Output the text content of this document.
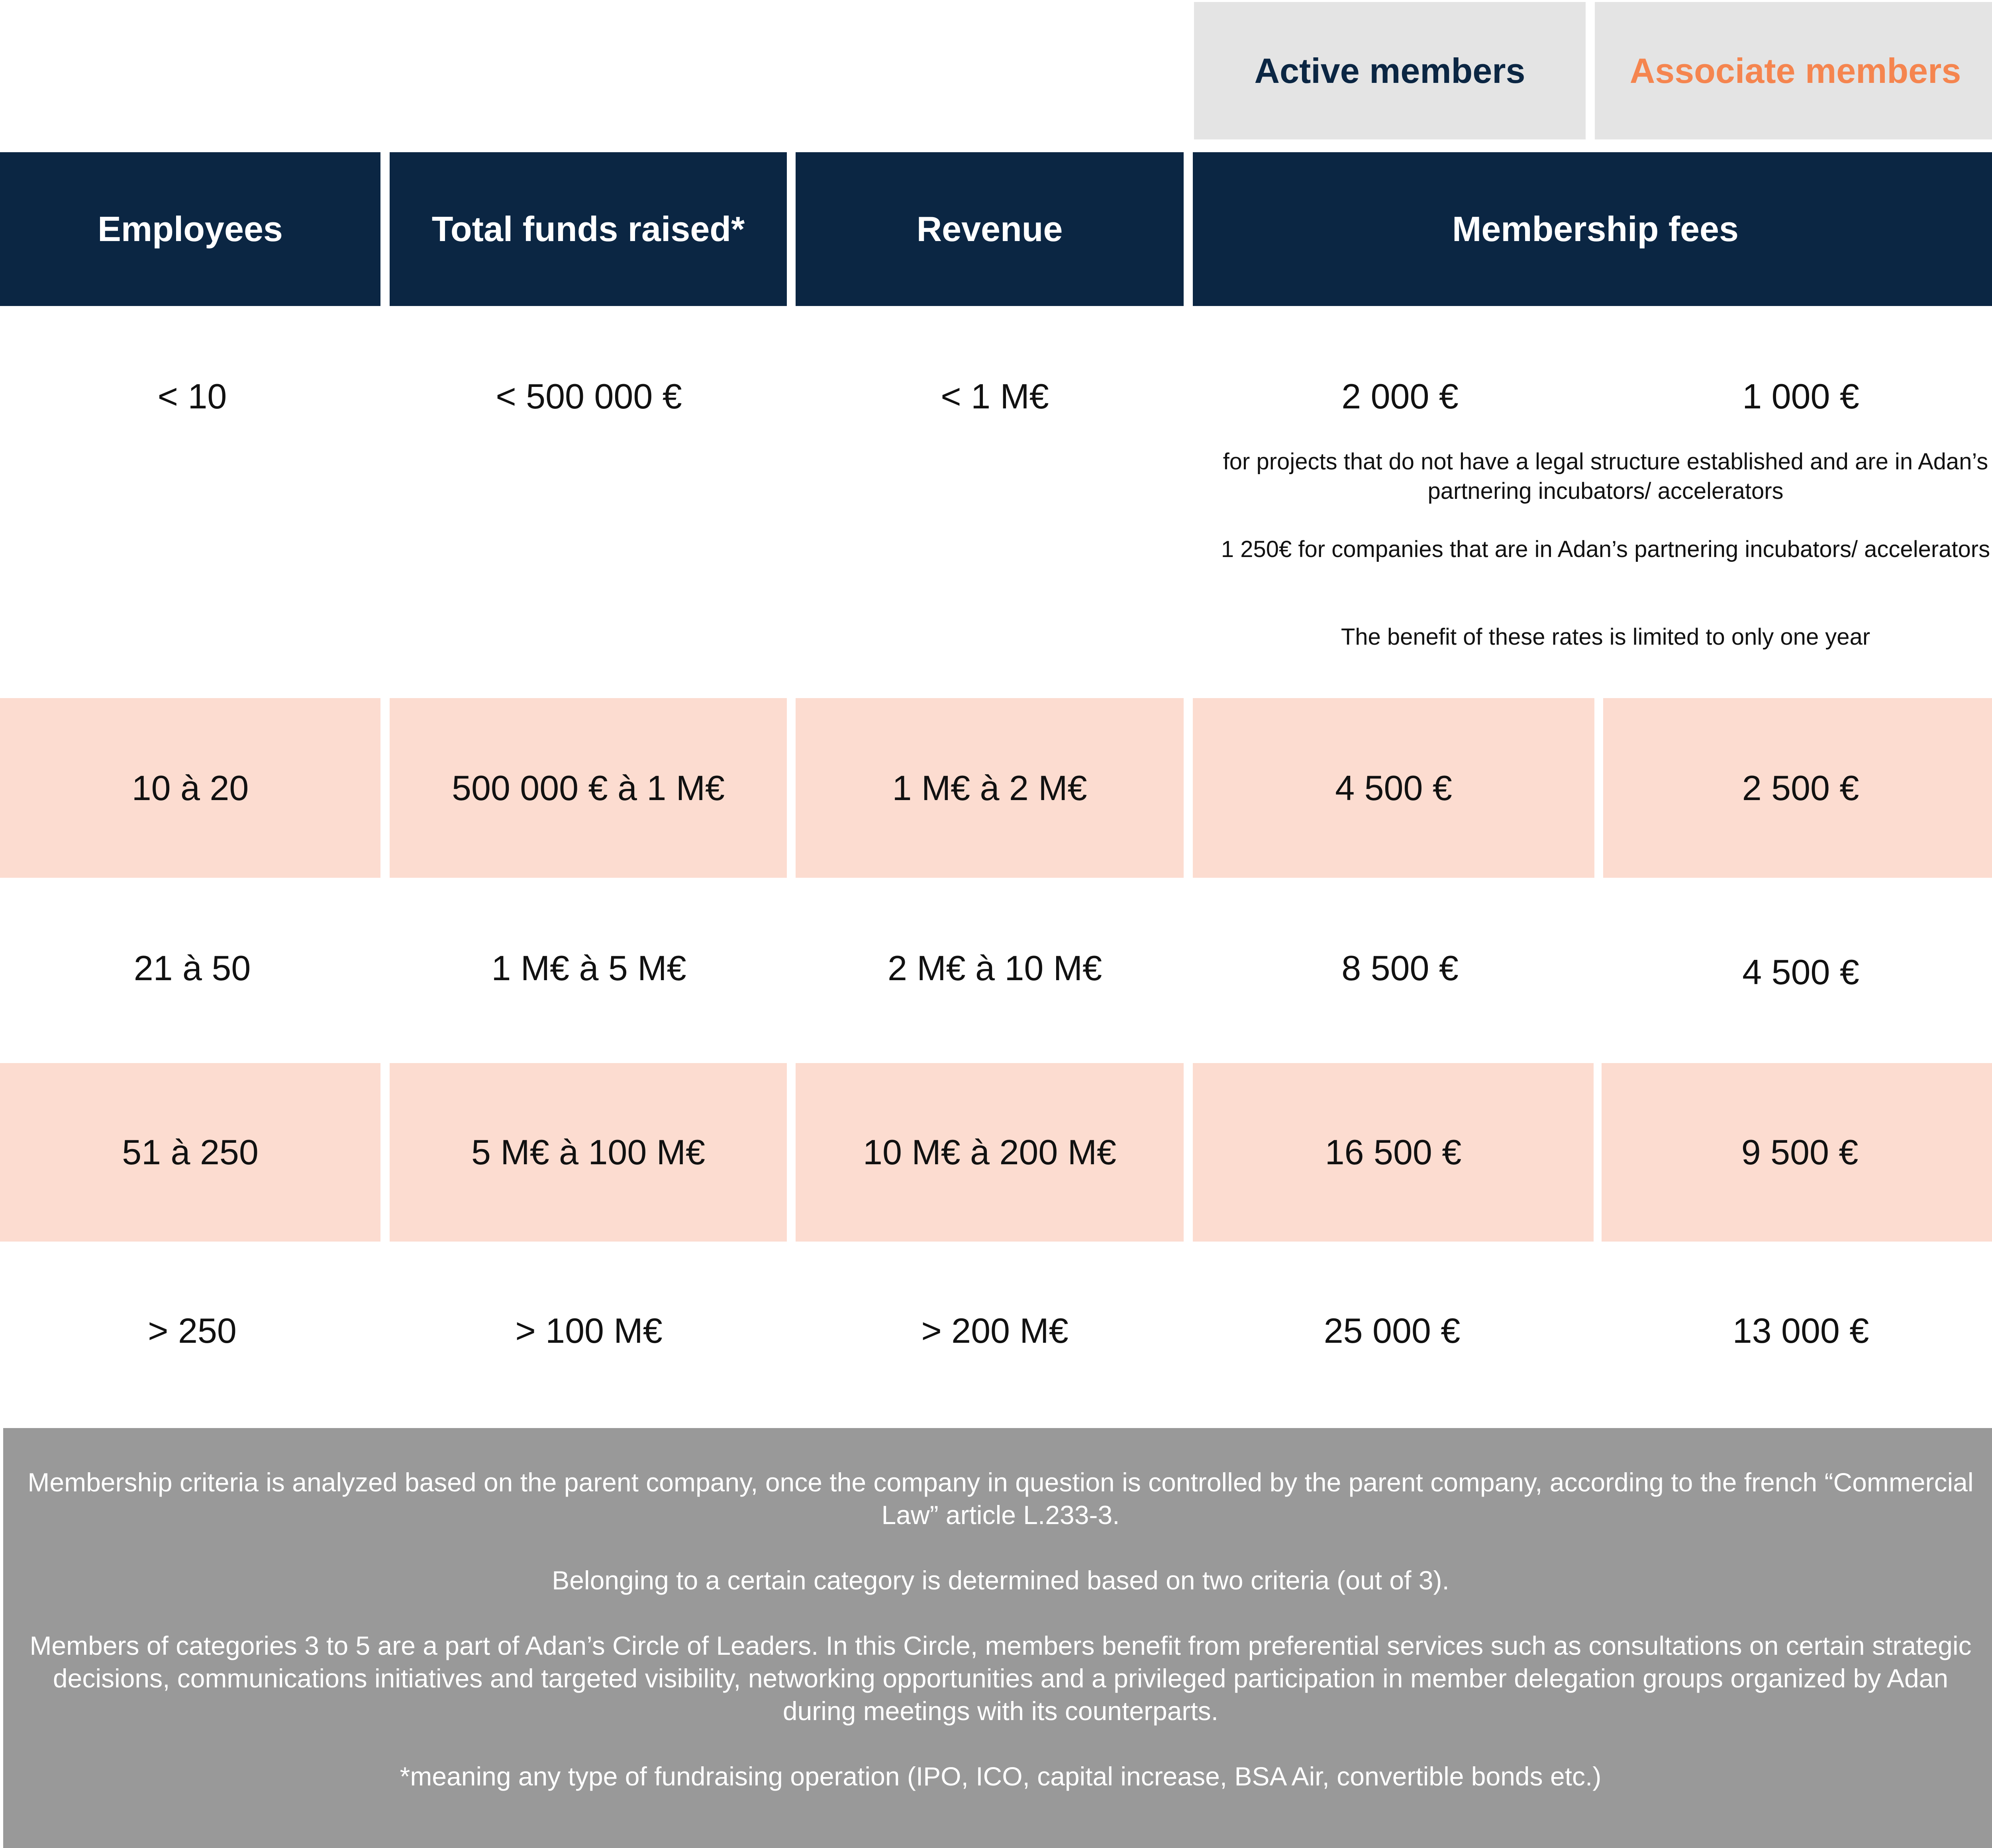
Active members	Associate members
Employees	Total funds raised*	Revenue	Membership fees
< 10	< 500 000 €	< 1 M€	2 000 €	1 000 €
for projects that do not have a legal structure established and are in Adan’s partnering incubators/ accelerators
1 250€ for companies that are in Adan’s partnering incubators/ accelerators
The benefit of these rates is limited to only one year
10 à 20	500 000 € à 1 M€	1 M€ à 2 M€	4 500 €	2 500 €
21 à 50	1 M€ à 5 M€	2 M€ à 10 M€	8 500 €	4 500 €
51 à 250	5 M€ à 100 M€	10 M€ à 200 M€	16 500 €	9 500 €
> 250	> 100 M€	> 200 M€	25 000 €	13 000 €

Membership criteria is analyzed based on the parent company, once the company in question is controlled by the parent company, according to the french “Commercial Law” article L.233-3.

Belonging to a certain category is determined based on two criteria (out of 3).

Members of categories 3 to 5 are a part of Adan’s Circle of Leaders. In this Circle, members benefit from preferential services such as consultations on certain strategic decisions, communications initiatives and targeted visibility, networking opportunities and a privileged participation in member delegation groups organized by Adan during meetings with its counterparts.

*meaning any type of fundraising operation (IPO, ICO, capital increase, BSA Air, convertible bonds etc.)
